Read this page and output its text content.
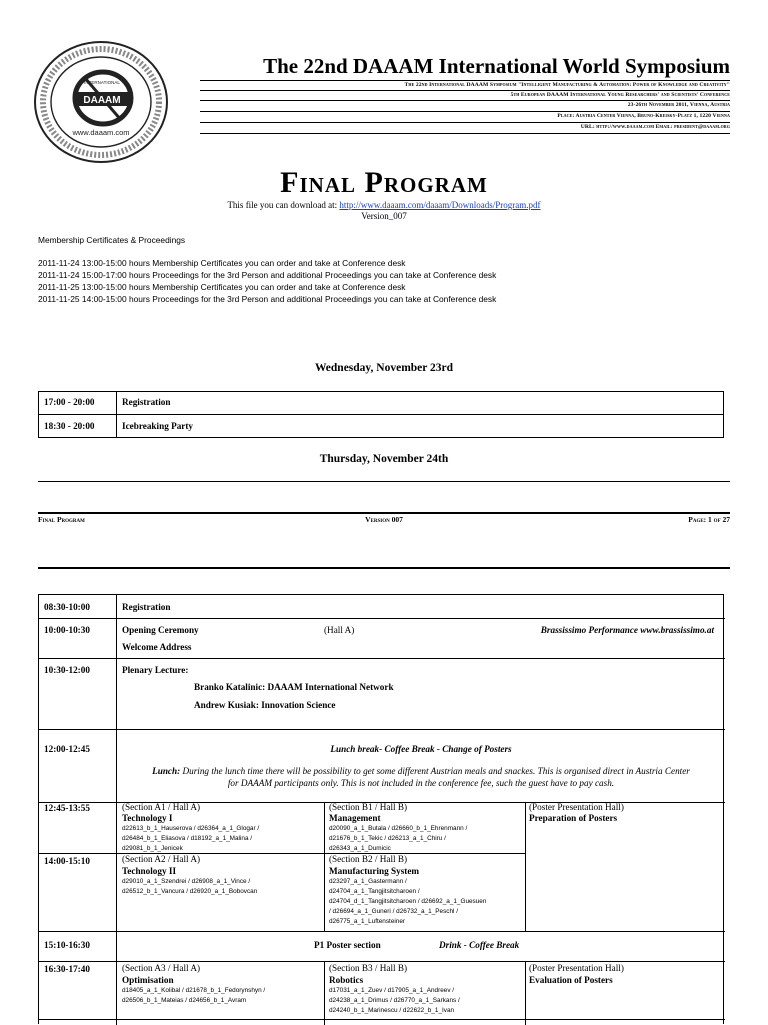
DAAAM
INTERNATIONAL
www.daaam.com
The 22nd DAAAM International World Symposium
The 22nd International DAAAM Symposium "Intelligent Manufacturing & Automation: Power of Knowledge and Creativity"
5th European DAAAM International Young Researchers' and Scientists' Conference
23-26th November 2011, Vienna, Austria
Place: Austria Center Vienna, Bruno-Kreisky-Platz 1, 1220 Vienna
URL: http://www.daaam.com Email: president@daaam.org
Final Program
This file you can download at: http://www.daaam.com/daaam/Downloads/Program.pdf
Version_007
Membership Certificates & Proceedings
2011-11-24 13:00-15:00 hours Membership Certificates you can order and take at Conference desk
2011-11-24 15:00-17:00 hours Proceedings for the 3rd Person and additional Proceedings you can take at Conference desk
2011-11-25 13:00-15:00 hours Membership Certificates you can order and take at Conference desk
2011-11-25 14:00-15:00 hours Proceedings for the 3rd Person and additional Proceedings you can take at Conference desk
Wednesday, November 23rd
17:00 - 20:00	Registration
18:30 - 20:00	Icebreaking Party
Thursday, November 24th
Final Program	Version 007	Page: 1 of 27
08:30-10:00	Registration
10:00-10:30	Opening Ceremony	(Hall A)	Brassissimo Performance www.brassissimo.at
Welcome Address
10:30-12:00	Plenary Lecture:
Branko Katalinic: DAAAM International Network
Andrew Kusiak: Innovation Science
12:00-12:45	Lunch break- Coffee Break - Change of Posters
Lunch: During the lunch time there will be possibility to get some different Austrian meals and snackes. This is organised direct in Austria Center
for DAAAM participants only. This is not included in the conference fee, such the guest have to pay cash.
12:45-13:55	(Section A1 / Hall A)
Technology I
d22613_b_1_Hauserova / d26364_a_1_Glogar /
d26484_b_1_Eliasova / d18192_a_1_Malina /
d29081_b_1_Jenicek
(Section B1 / Hall B)
Management
d20090_a_1_Butala / d26660_b_1_Ehrenmann /
d21676_b_1_Tekic / d26213_a_1_Chiru /
d26343_a_1_Dumicic
(Poster Presentation Hall)
Preparation of Posters
14:00-15:10	(Section A2 / Hall A)
Technology II
d29010_a_1_Szendrei / d26908_a_1_Vince /
d26512_b_1_Vancura / d26920_a_1_Bobovcan
(Section B2 / Hall B)
Manufacturing System
d23297_a_1_Gastermann /
d24704_a_1_Tangjitsitcharoen /
d24704_d_1_Tangjitsitcharoen / d26692_a_1_Guesuen
/ d26694_a_1_Guneri / d26732_a_1_Peschl /
d26775_a_1_Luftensteiner
15:10-16:30	P1 Poster section	Drink - Coffee Break
16:30-17:40	(Section A3 / Hall A)
Optimisation
d18405_a_1_Kolibal / d21678_b_1_Fedorynshyn /
d26506_b_1_Mateias / d24656_b_1_Avram
(Section B3 / Hall B)
Robotics
d17031_a_1_Zuev / d17905_a_1_Andreev /
d24238_a_1_Drimus / d26770_a_1_Sarkans /
d24240_b_1_Marinescu / d22622_b_1_Ivan
(Poster Presentation Hall)
Evaluation of Posters
